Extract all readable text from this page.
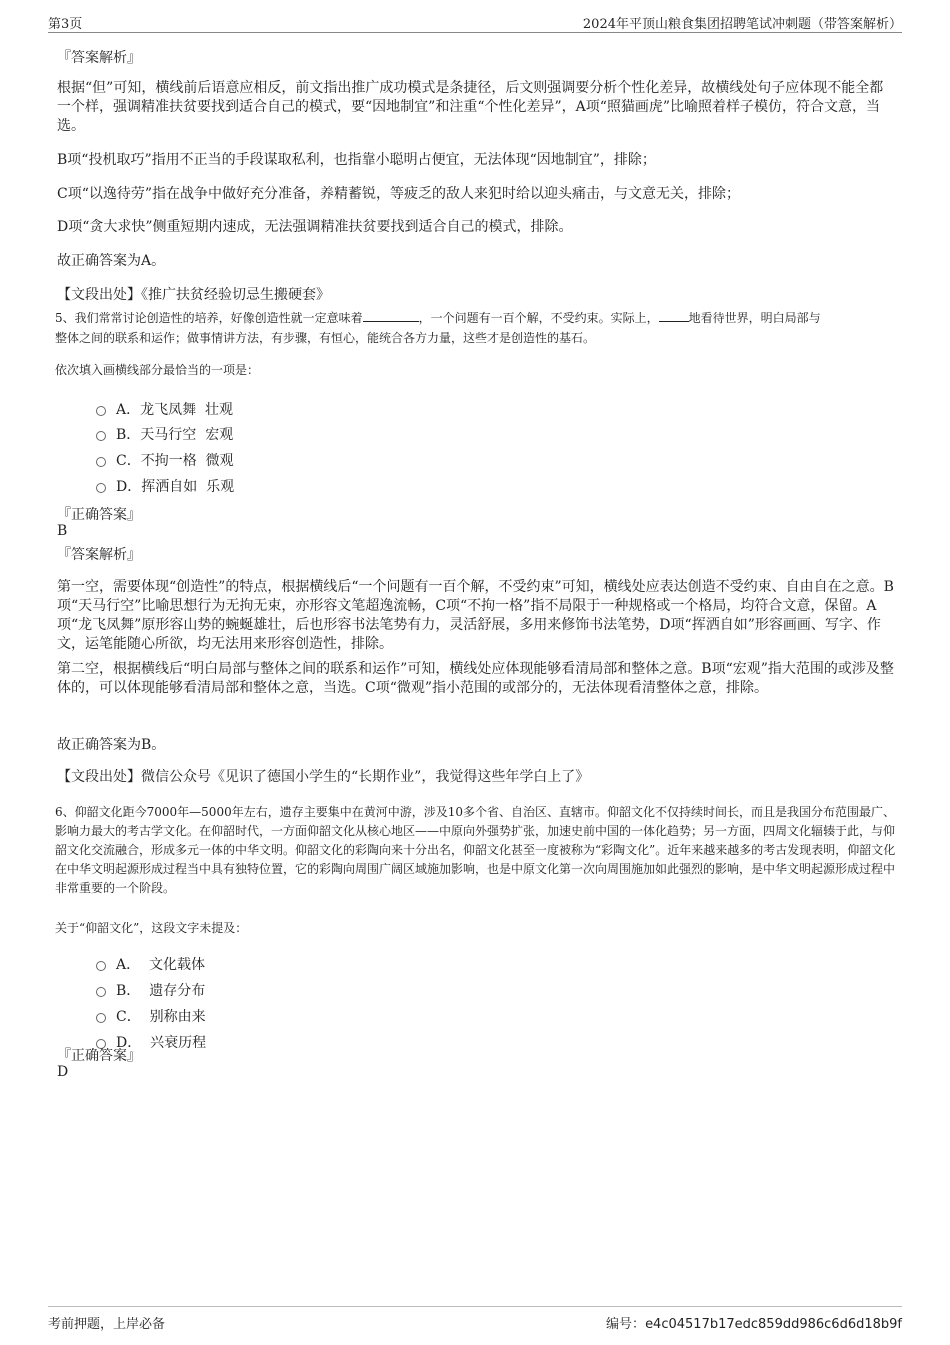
第3页	2024年平顶山粮食集团招聘笔试冲刺题（带答案解析）
『答案解析』
根据“但”可知，横线前后语意应相反，前文指出推广成功模式是条捷径，后文则强调要分析个性化差异，故横线处句子应体现不能全都一个样，强调精准扶贫要找到适合自己的模式，要“因地制宜”和注重“个性化差异”，A项“照猫画虎”比喻照着样子模仿，符合文意，当选。
B项“投机取巧”指用不正当的手段谋取私利，也指靠小聪明占便宜，无法体现“因地制宜”，排除；
C项“以逸待劳”指在战争中做好充分准备，养精蓄锐，等疲乏的敌人来犯时给以迎头痛击，与文意无关，排除；
D项“贪大求快”侧重短期内速成，无法强调精准扶贫要找到适合自己的模式，排除。
故正确答案为A。
【文段出处】《推广扶贫经验切忌生搬硬套》
5、我们常常讨论创造性的培养，好像创造性就一定意味着	，一个问题有一百个解，不受约束。实际上，	地看待世界，明白局部与
整体之间的联系和运作；做事情讲方法，有步骤，有恒心，能统合各方力量，这些才是创造性的基石。
依次填入画横线部分最恰当的一项是：
A．龙飞凤舞  壮观
B．天马行空  宏观
C．不拘一格  微观
D．挥洒自如  乐观
『正确答案』
B
『答案解析』
第一空，需要体现“创造性”的特点，根据横线后“一个问题有一百个解，不受约束”可知，横线处应表达创造不受约束、自由自在之意。B项“天马行空”比喻思想行为无拘无束，亦形容文笔超逸流畅，C项“不拘一格”指不局限于一种规格或一个格局，均符合文意，保留。A项“龙飞凤舞”原形容山势的蜿蜒雄壮，后也形容书法笔势有力，灵活舒展，多用来修饰书法笔势，D项“挥洒自如”形容画画、写字、作文，运笔能随心所欲，均无法用来形容创造性，排除。
第二空，根据横线后“明白局部与整体之间的联系和运作”可知，横线处应体现能够看清局部和整体之意。B项“宏观”指大范围的或涉及整体的，可以体现能够看清局部和整体之意，当选。C项“微观”指小范围的或部分的，无法体现看清整体之意，排除。
故正确答案为B。
【文段出处】微信公众号《见识了德国小学生的“长期作业”，我觉得这些年学白上了》
6、仰韶文化距今7000年—5000年左右，遗存主要集中在黄河中游，涉及10多个省、自治区、直辖市。仰韶文化不仅持续时间长，而且是我国分布范围最广、影响力最大的考古学文化。在仰韶时代，一方面仰韶文化从核心地区——中原向外强势扩张，加速史前中国的一体化趋势；另一方面，四周文化辐辏于此，与仰韶文化交流融合，形成多元一体的中华文明。仰韶文化的彩陶向来十分出名，仰韶文化甚至一度被称为“彩陶文化”。近年来越来越多的考古发现表明，仰韶文化在中华文明起源形成过程当中具有独特位置，它的彩陶向周围广阔区域施加影响，也是中原文化第一次向周围施加如此强烈的影响，是中华文明起源形成过程中非常重要的一个阶段。
关于“仰韶文化”，这段文字未提及：
A．  文化载体
B．  遗存分布
C．  别称由来
D．  兴衰历程
『正确答案』
D
考前押题，上岸必备	编号：e4c04517b17edc859dd986c6d6d18b9f
